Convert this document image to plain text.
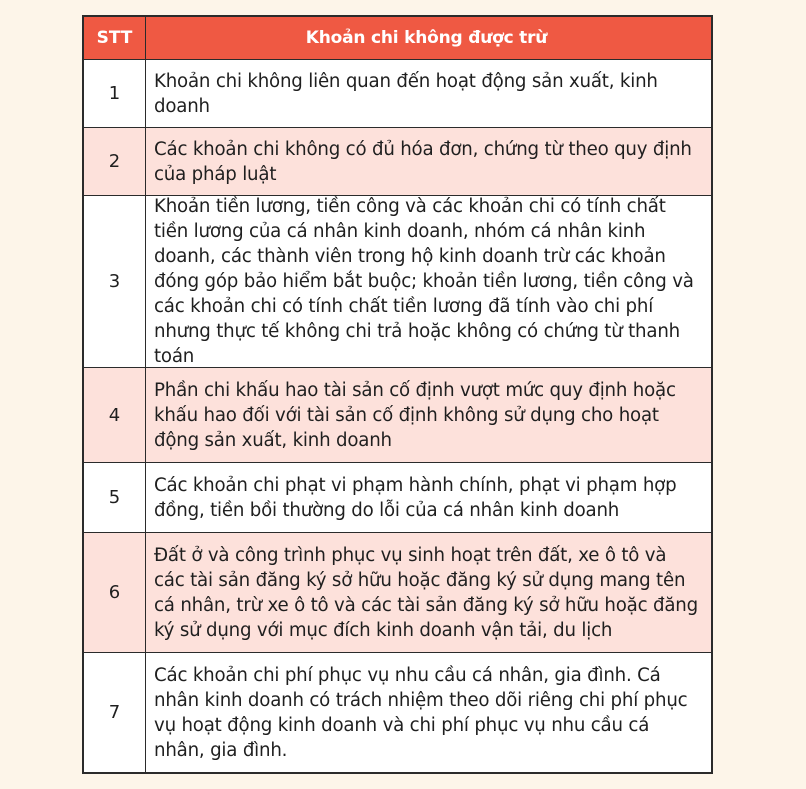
STT	Khoản chi không được trừ
1
Khoản chi không liên quan đến hoạt động sản xuất, kinh doanh
2
Các khoản chi không có đủ hóa đơn, chứng từ theo quy định của pháp luật
3
Khoản tiền lương, tiền công và các khoản chi có tính chất tiền lương của cá nhân kinh doanh, nhóm cá nhân kinh doanh, các thành viên trong hộ kinh doanh trừ các khoản đóng góp bảo hiểm bắt buộc; khoản tiền lương, tiền công và các khoản chi có tính chất tiền lương đã tính vào chi phí nhưng thực tế không chi trả hoặc không có chứng từ thanh toán
4
Phần chi khấu hao tài sản cố định vượt mức quy định hoặc khấu hao đối với tài sản cố định không sử dụng cho hoạt động sản xuất, kinh doanh
5
Các khoản chi phạt vi phạm hành chính, phạt vi phạm hợp đồng, tiền bồi thường do lỗi của cá nhân kinh doanh
6
Đất ở và công trình phục vụ sinh hoạt trên đất, xe ô tô và các tài sản đăng ký sở hữu hoặc đăng ký sử dụng mang tên cá nhân, trừ xe ô tô và các tài sản đăng ký sở hữu hoặc đăng ký sử dụng với mục đích kinh doanh vận tải, du lịch
7
Các khoản chi phí phục vụ nhu cầu cá nhân, gia đình. Cá nhân kinh doanh có trách nhiệm theo dõi riêng chi phí phục vụ hoạt động kinh doanh và chi phí phục vụ nhu cầu cá nhân, gia đình.
